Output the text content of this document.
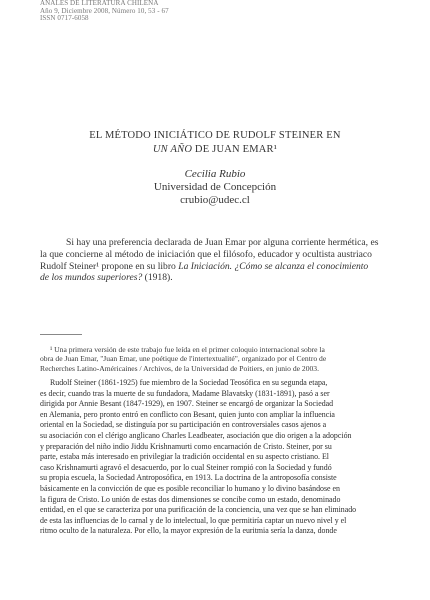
ANALES DE LITERATURA CHILENA
Año 9, Diciembre 2008, Número 10, 53 - 67
ISSN 0717-6058
EL MÉTODO INICIÁTICO DE RUDOLF STEINER EN
UN AÑO DE JUAN EMAR¹
Cecilia Rubio
Universidad de Concepción
crubio@udec.cl

Si hay una preferencia declarada de Juan Emar por alguna corriente hermética, es

la que concierne al método de iniciación que el filósofo, educador y ocultista austriaco

Rudolf Steiner¹ propone en su libro La Iniciación. ¿Cómo se alcanza el conocimiento

de los mundos superiores? (1918).

¹ Una primera versión de este trabajo fue leída en el primer coloquio internacional sobre la

obra de Juan Emar, "Juan Emar, une poétique de l'intertextualité", organizado por el Centro de

Recherches Latino-Américaines / Archivos, de la Universidad de Poitiers, en junio de 2003.

Rudolf Steiner (1861-1925) fue miembro de la Sociedad Teosófica en su segunda etapa,

es decir, cuando tras la muerte de su fundadora, Madame Blavatsky (1831-1891), pasó a ser

dirigida por Annie Besant (1847-1929), en 1907. Steiner se encargó de organizar la Sociedad

en Alemania, pero pronto entró en conflicto con Besant, quien junto con ampliar la influencia

oriental en la Sociedad, se distinguía por su participación en controversiales casos ajenos a

su asociación con el clérigo anglicano Charles Leadbeater, asociación que dio origen a la adopción

y preparación del niño indio Jiddu Krishnamurti como encarnación de Cristo. Steiner, por su

parte, estaba más interesado en privilegiar la tradición occidental en su aspecto cristiano. El

caso Krishnamurti agravó el desacuerdo, por lo cual Steiner rompió con la Sociedad y fundó

su propia escuela, la Sociedad Antroposófica, en 1913. La doctrina de la antroposofía consiste

básicamente en la convicción de que es posible reconciliar lo humano y lo divino basándose en

la figura de Cristo. Lo unión de estas dos dimensiones se concibe como un estado, denominado

entidad, en el que se caracteriza por una purificación de la conciencia, una vez que se han eliminado

de esta las influencias de lo carnal y de lo intelectual, lo que permitiría captar un nuevo nivel y el

ritmo oculto de la naturaleza. Por ello, la mayor expresión de la euritmia sería la danza, donde
